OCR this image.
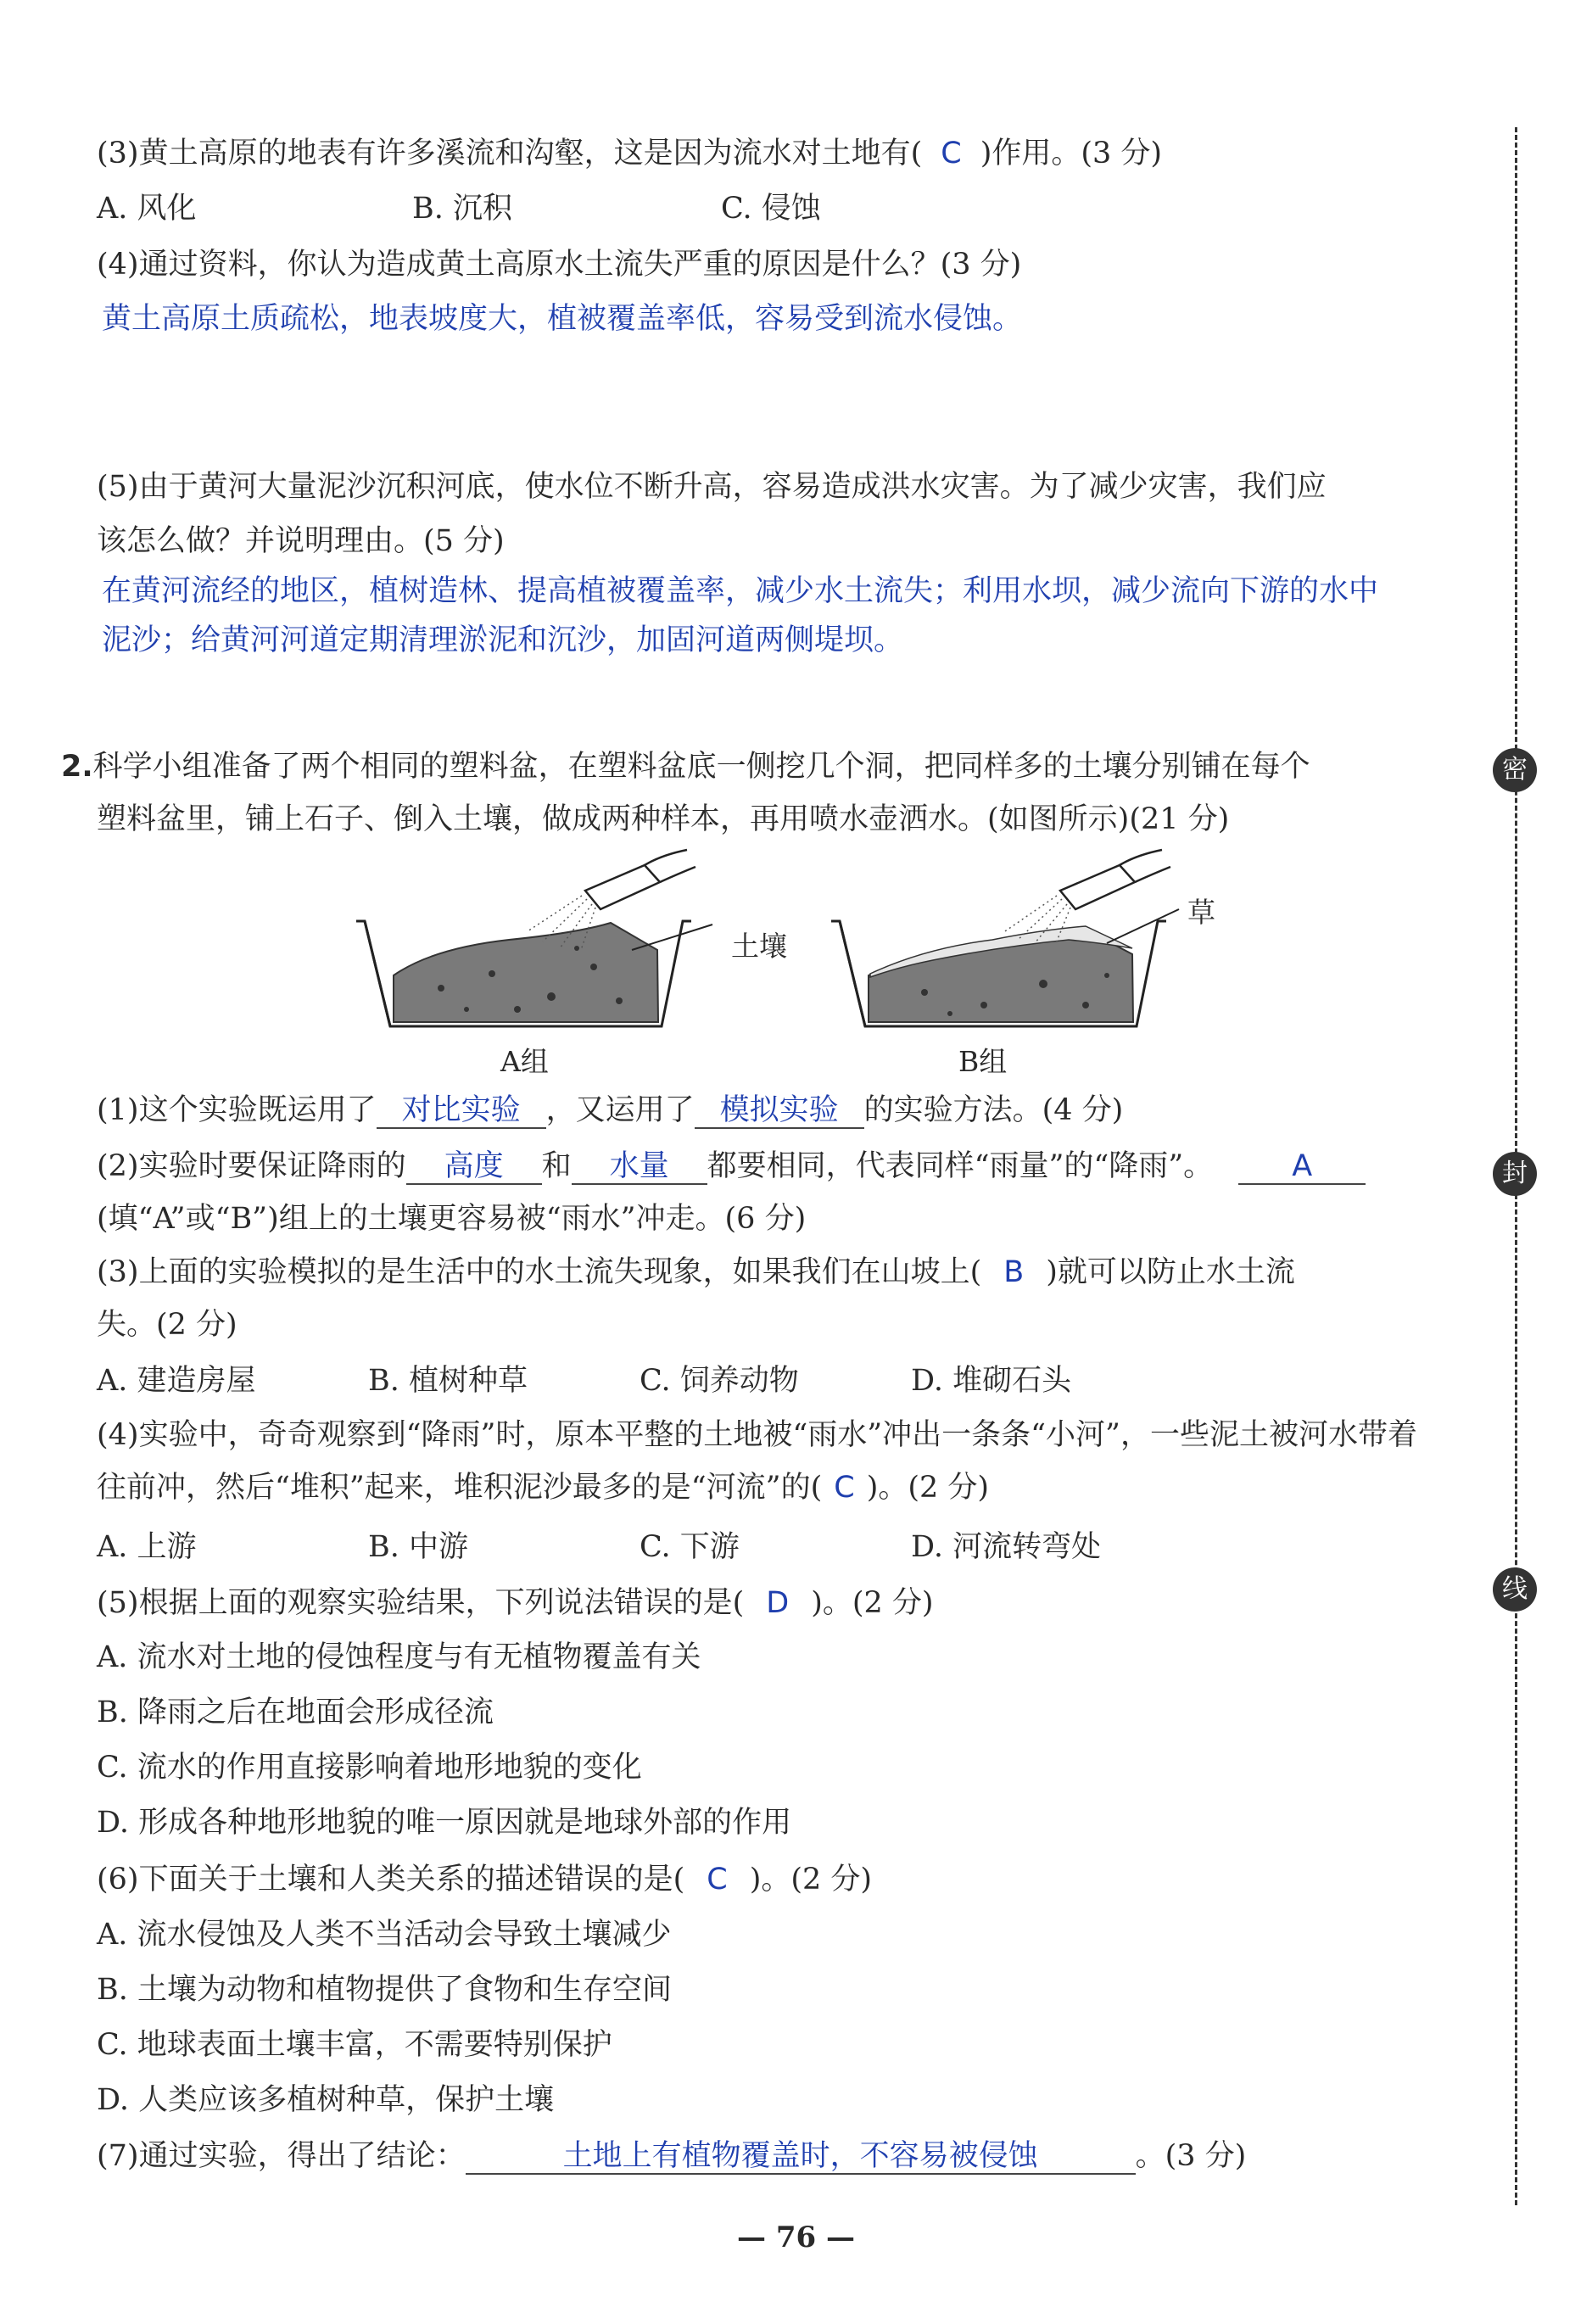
(3)黄土高原的地表有许多溪流和沟壑，这是因为流水对土地有( C )作用。(3 分)
A. 风化	B. 沉积	C. 侵蚀
(4)通过资料，你认为造成黄土高原水土流失严重的原因是什么？(3 分)
黄土高原土质疏松，地表坡度大，植被覆盖率低，容易受到流水侵蚀。
(5)由于黄河大量泥沙沉积河底，使水位不断升高，容易造成洪水灾害。为了减少灾害，我们应
该怎么做？并说明理由。(5 分)
在黄河流经的地区，植树造林、提高植被覆盖率，减少水土流失；利用水坝，减少流向下游的水中
泥沙；给黄河河道定期清理淤泥和沉沙，加固河道两侧堤坝。
2.科学小组准备了两个相同的塑料盆，在塑料盆底一侧挖几个洞，把同样多的土壤分别铺在每个
塑料盆里，铺上石子、倒入土壤，做成两种样本，再用喷水壶洒水。(如图所示)(21 分)
土壤
草
A组	B组
(1)这个实验既运用了 对比实验 ，又运用了 模拟实验 的实验方法。(4 分)
(2)实验时要保证降雨的 高度 和 水量 都要相同，代表同样“雨量”的“降雨”。	A
(填“A”或“B”)组上的土壤更容易被“雨水”冲走。(6 分)
(3)上面的实验模拟的是生活中的水土流失现象，如果我们在山坡上( B )就可以防止水土流
失。(2 分)
A. 建造房屋	B. 植树种草	C. 饲养动物	D. 堆砌石头
(4)实验中，奇奇观察到“降雨”时，原本平整的土地被“雨水”冲出一条条“小河”，一些泥土被河水带着
往前冲，然后“堆积”起来，堆积泥沙最多的是“河流”的( C )。(2 分)
A. 上游	B. 中游	C. 下游	D. 河流转弯处
(5)根据上面的观察实验结果，下列说法错误的是( D )。(2 分)
A. 流水对土地的侵蚀程度与有无植物覆盖有关
B. 降雨之后在地面会形成径流
C. 流水的作用直接影响着地形地貌的变化
D. 形成各种地形地貌的唯一原因就是地球外部的作用
(6)下面关于土壤和人类关系的描述错误的是( C )。(2 分)
A. 流水侵蚀及人类不当活动会导致土壤减少
B. 土壤为动物和植物提供了食物和生存空间
C. 地球表面土壤丰富，不需要特别保护
D. 人类应该多植树种草，保护土壤
(7)通过实验，得出了结论：	土地上有植物覆盖时，不容易被侵蚀	。(3 分)
密
封
线
— 76 —
